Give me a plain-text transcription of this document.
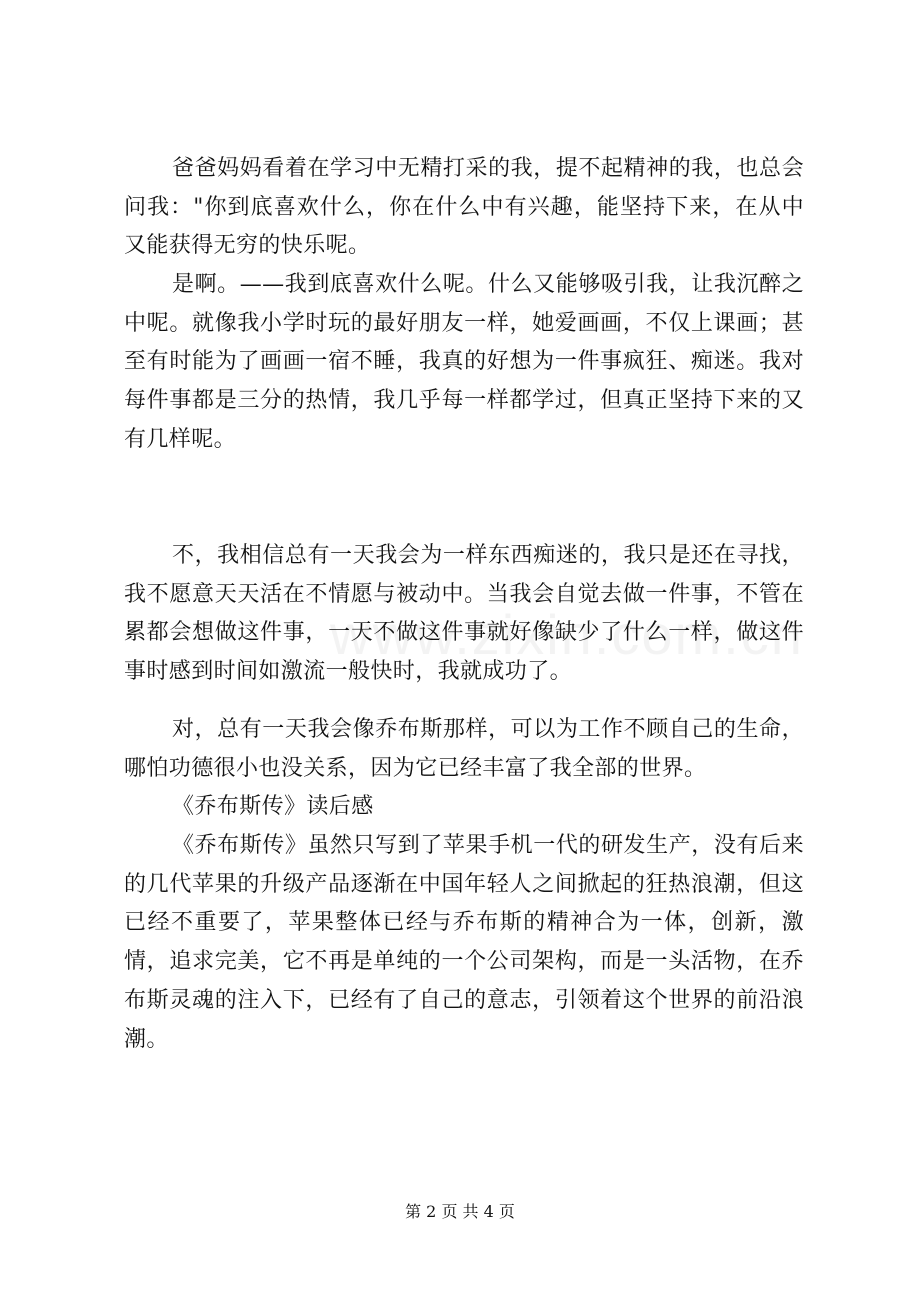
爸爸妈妈看着在学习中无精打采的我，提不起精神的我，也总会问我："你到底喜欢什么，你在什么中有兴趣，能坚持下来，在从中又能获得无穷的快乐呢。

是啊。——我到底喜欢什么呢。什么又能够吸引我，让我沉醉之中呢。就像我小学时玩的最好朋友一样，她爱画画，不仅上课画；甚至有时能为了画画一宿不睡，我真的好想为一件事疯狂、痴迷。我对每件事都是三分的热情，我几乎每一样都学过，但真正坚持下来的又有几样呢。

不，我相信总有一天我会为一样东西痴迷的，我只是还在寻找，我不愿意天天活在不情愿与被动中。当我会自觉去做一件事，不管在累都会想做这件事，一天不做这件事就好像缺少了什么一样，做这件事时感到时间如激流一般快时，我就成功了。

对，总有一天我会像乔布斯那样，可以为工作不顾自己的生命，哪怕功德很小也没关系，因为它已经丰富了我全部的世界。

《乔布斯传》读后感

《乔布斯传》虽然只写到了苹果手机一代的研发生产，没有后来的几代苹果的升级产品逐渐在中国年轻人之间掀起的狂热浪潮，但这已经不重要了，苹果整体已经与乔布斯的精神合为一体，创新，激情，追求完美，它不再是单纯的一个公司架构，而是一头活物，在乔布斯灵魂的注入下，已经有了自己的意志，引领着这个世界的前沿浪潮。

第 2 页 共 4 页
